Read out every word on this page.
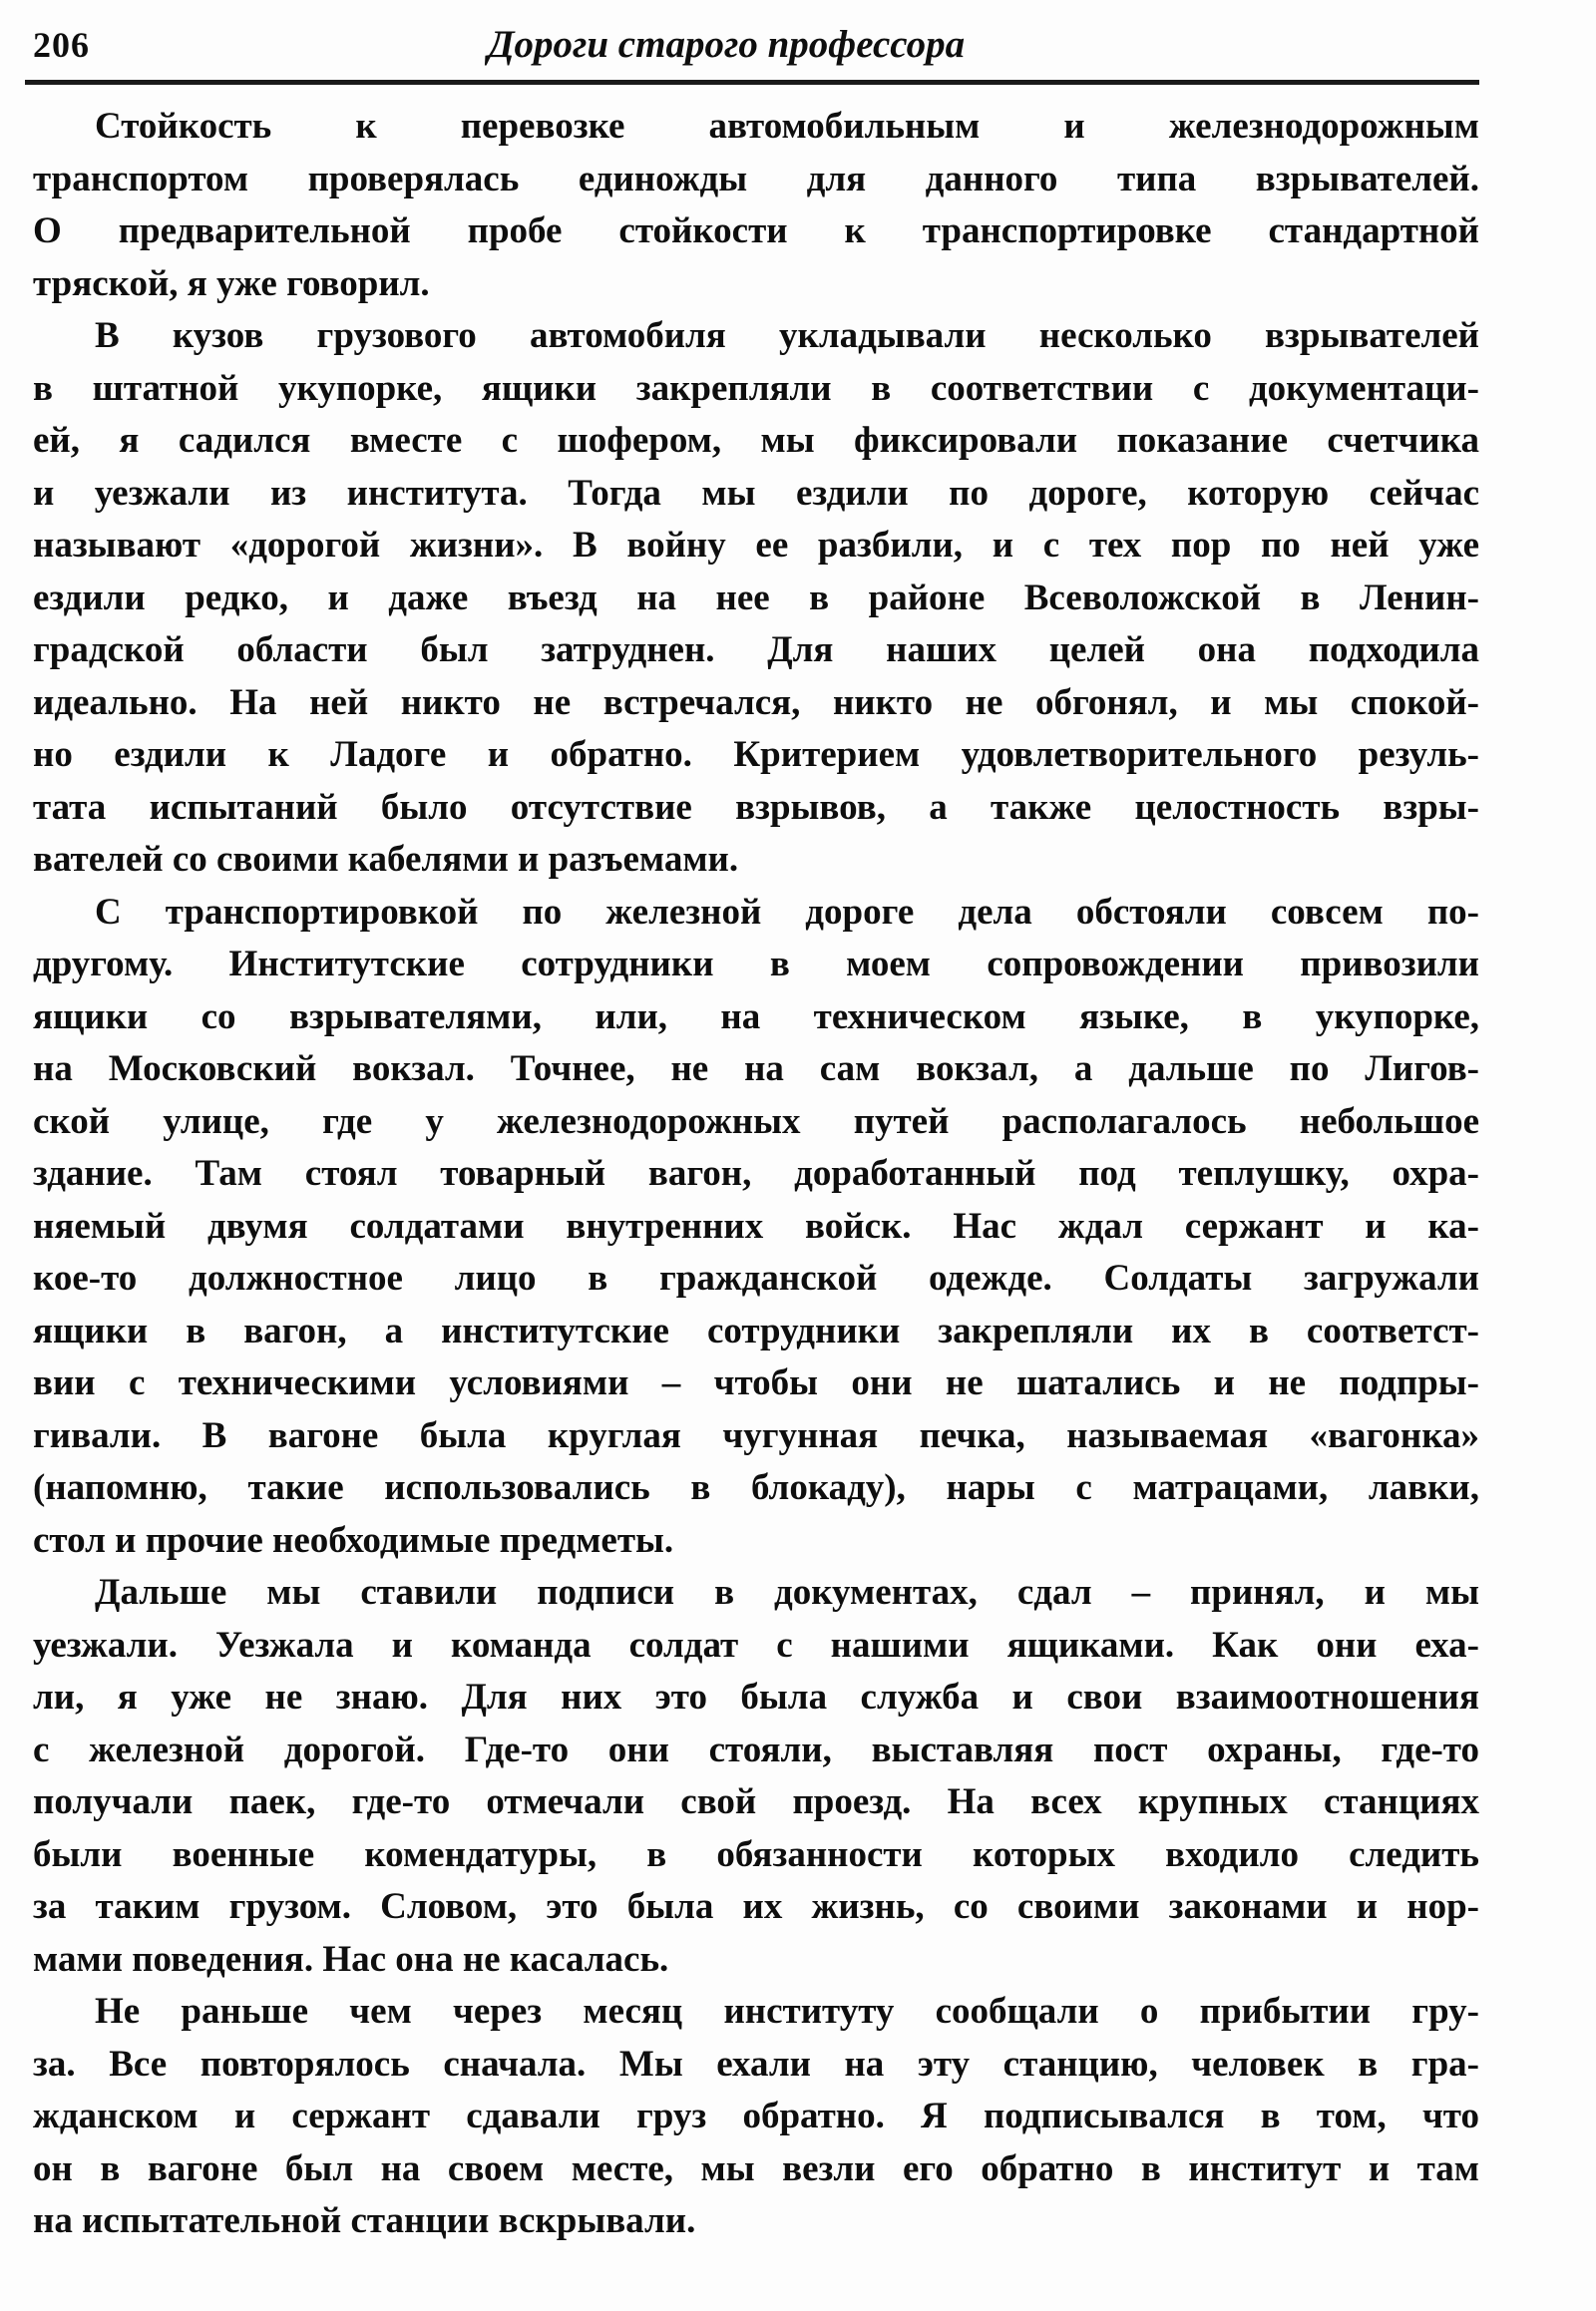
206	Дороги старого профессора
Стойкость к перевозке автомобильным и железнодорожным
транспортом проверялась единожды для данного типа взрывателей.
О предварительной пробе стойкости к транспортировке стандартной
тряской, я уже говорил.
В кузов грузового автомобиля укладывали несколько взрывателей
в штатной укупорке, ящики закрепляли в соответствии с документаци-
ей, я садился вместе с шофером, мы фиксировали показание счетчика
и уезжали из института. Тогда мы ездили по дороге, которую сейчас
называют «дорогой жизни». В войну ее разбили, и с тех пор по ней уже
ездили редко, и даже въезд на нее в районе Всеволожской в Ленин-
градской области был затруднен. Для наших целей она подходила
идеально. На ней никто не встречался, никто не обгонял, и мы спокой-
но ездили к Ладоге и обратно. Критерием удовлетворительного резуль-
тата испытаний было отсутствие взрывов, а также целостность взры-
вателей со своими кабелями и разъемами.
С транспортировкой по железной дороге дела обстояли совсем по-
другому. Институтские сотрудники в моем сопровождении привозили
ящики со взрывателями, или, на техническом языке, в укупорке,
на Московский вокзал. Точнее, не на сам вокзал, а дальше по Лигов-
ской улице, где у железнодорожных путей располагалось небольшое
здание. Там стоял товарный вагон, доработанный под теплушку, охра-
няемый двумя солдатами внутренних войск. Нас ждал сержант и ка-
кое-то должностное лицо в гражданской одежде. Солдаты загружали
ящики в вагон, а институтские сотрудники закрепляли их в соответст-
вии с техническими условиями – чтобы они не шатались и не подпры-
гивали. В вагоне была круглая чугунная печка, называемая «вагонка»
(напомню, такие использовались в блокаду), нары с матрацами, лавки,
стол и прочие необходимые предметы.
Дальше мы ставили подписи в документах, сдал – принял, и мы
уезжали. Уезжала и команда солдат с нашими ящиками. Как они еха-
ли, я уже не знаю. Для них это была служба и свои взаимоотношения
с железной дорогой. Где-то они стояли, выставляя пост охраны, где-то
получали паек, где-то отмечали свой проезд. На всех крупных станциях
были военные комендатуры, в обязанности которых входило следить
за таким грузом. Словом, это была их жизнь, со своими законами и нор-
мами поведения. Нас она не касалась.
Не раньше чем через месяц институту сообщали о прибытии гру-
за. Все повторялось сначала. Мы ехали на эту станцию, человек в гра-
жданском и сержант сдавали груз обратно. Я подписывался в том, что
он в вагоне был на своем месте, мы везли его обратно в институт и там
на испытательной станции вскрывали.
